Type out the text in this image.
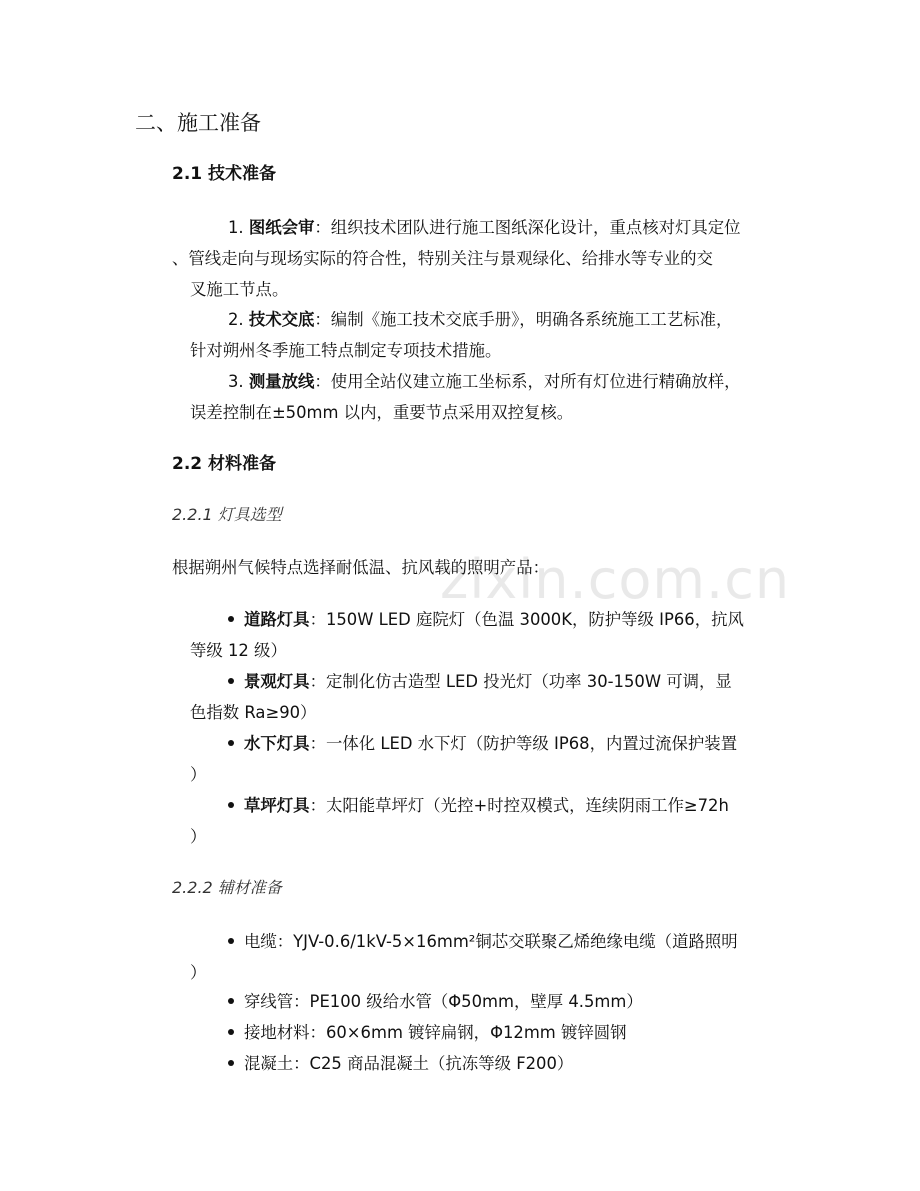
zixin.com.cn
二、施工准备
2.1 技术准备
1. 图纸会审：组织技术团队进行施工图纸深化设计，重点核对灯具定位
、管线走向与现场实际的符合性，特别关注与景观绿化、给排水等专业的交
叉施工节点。
2. 技术交底：编制《施工技术交底手册》，明确各系统施工工艺标准，
针对朔州冬季施工特点制定专项技术措施。
3. 测量放线：使用全站仪建立施工坐标系，对所有灯位进行精确放样，
误差控制在±50mm 以内，重要节点采用双控复核。
2.2 材料准备
2.2.1 灯具选型
根据朔州气候特点选择耐低温、抗风载的照明产品：
道路灯具：150W LED 庭院灯（色温 3000K，防护等级 IP66，抗风
等级 12 级）
景观灯具：定制化仿古造型 LED 投光灯（功率 30-150W 可调，显
色指数 Ra≥90）
水下灯具：一体化 LED 水下灯（防护等级 IP68，内置过流保护装置
）
草坪灯具：太阳能草坪灯（光控+时控双模式，连续阴雨工作≥72h
）
2.2.2 辅材准备
电缆：YJV-0.6/1kV-5×16mm²铜芯交联聚乙烯绝缘电缆（道路照明
）
穿线管：PE100 级给水管（Φ50mm，壁厚 4.5mm）
接地材料：60×6mm 镀锌扁钢，Φ12mm 镀锌圆钢
混凝土：C25 商品混凝土（抗冻等级 F200）
